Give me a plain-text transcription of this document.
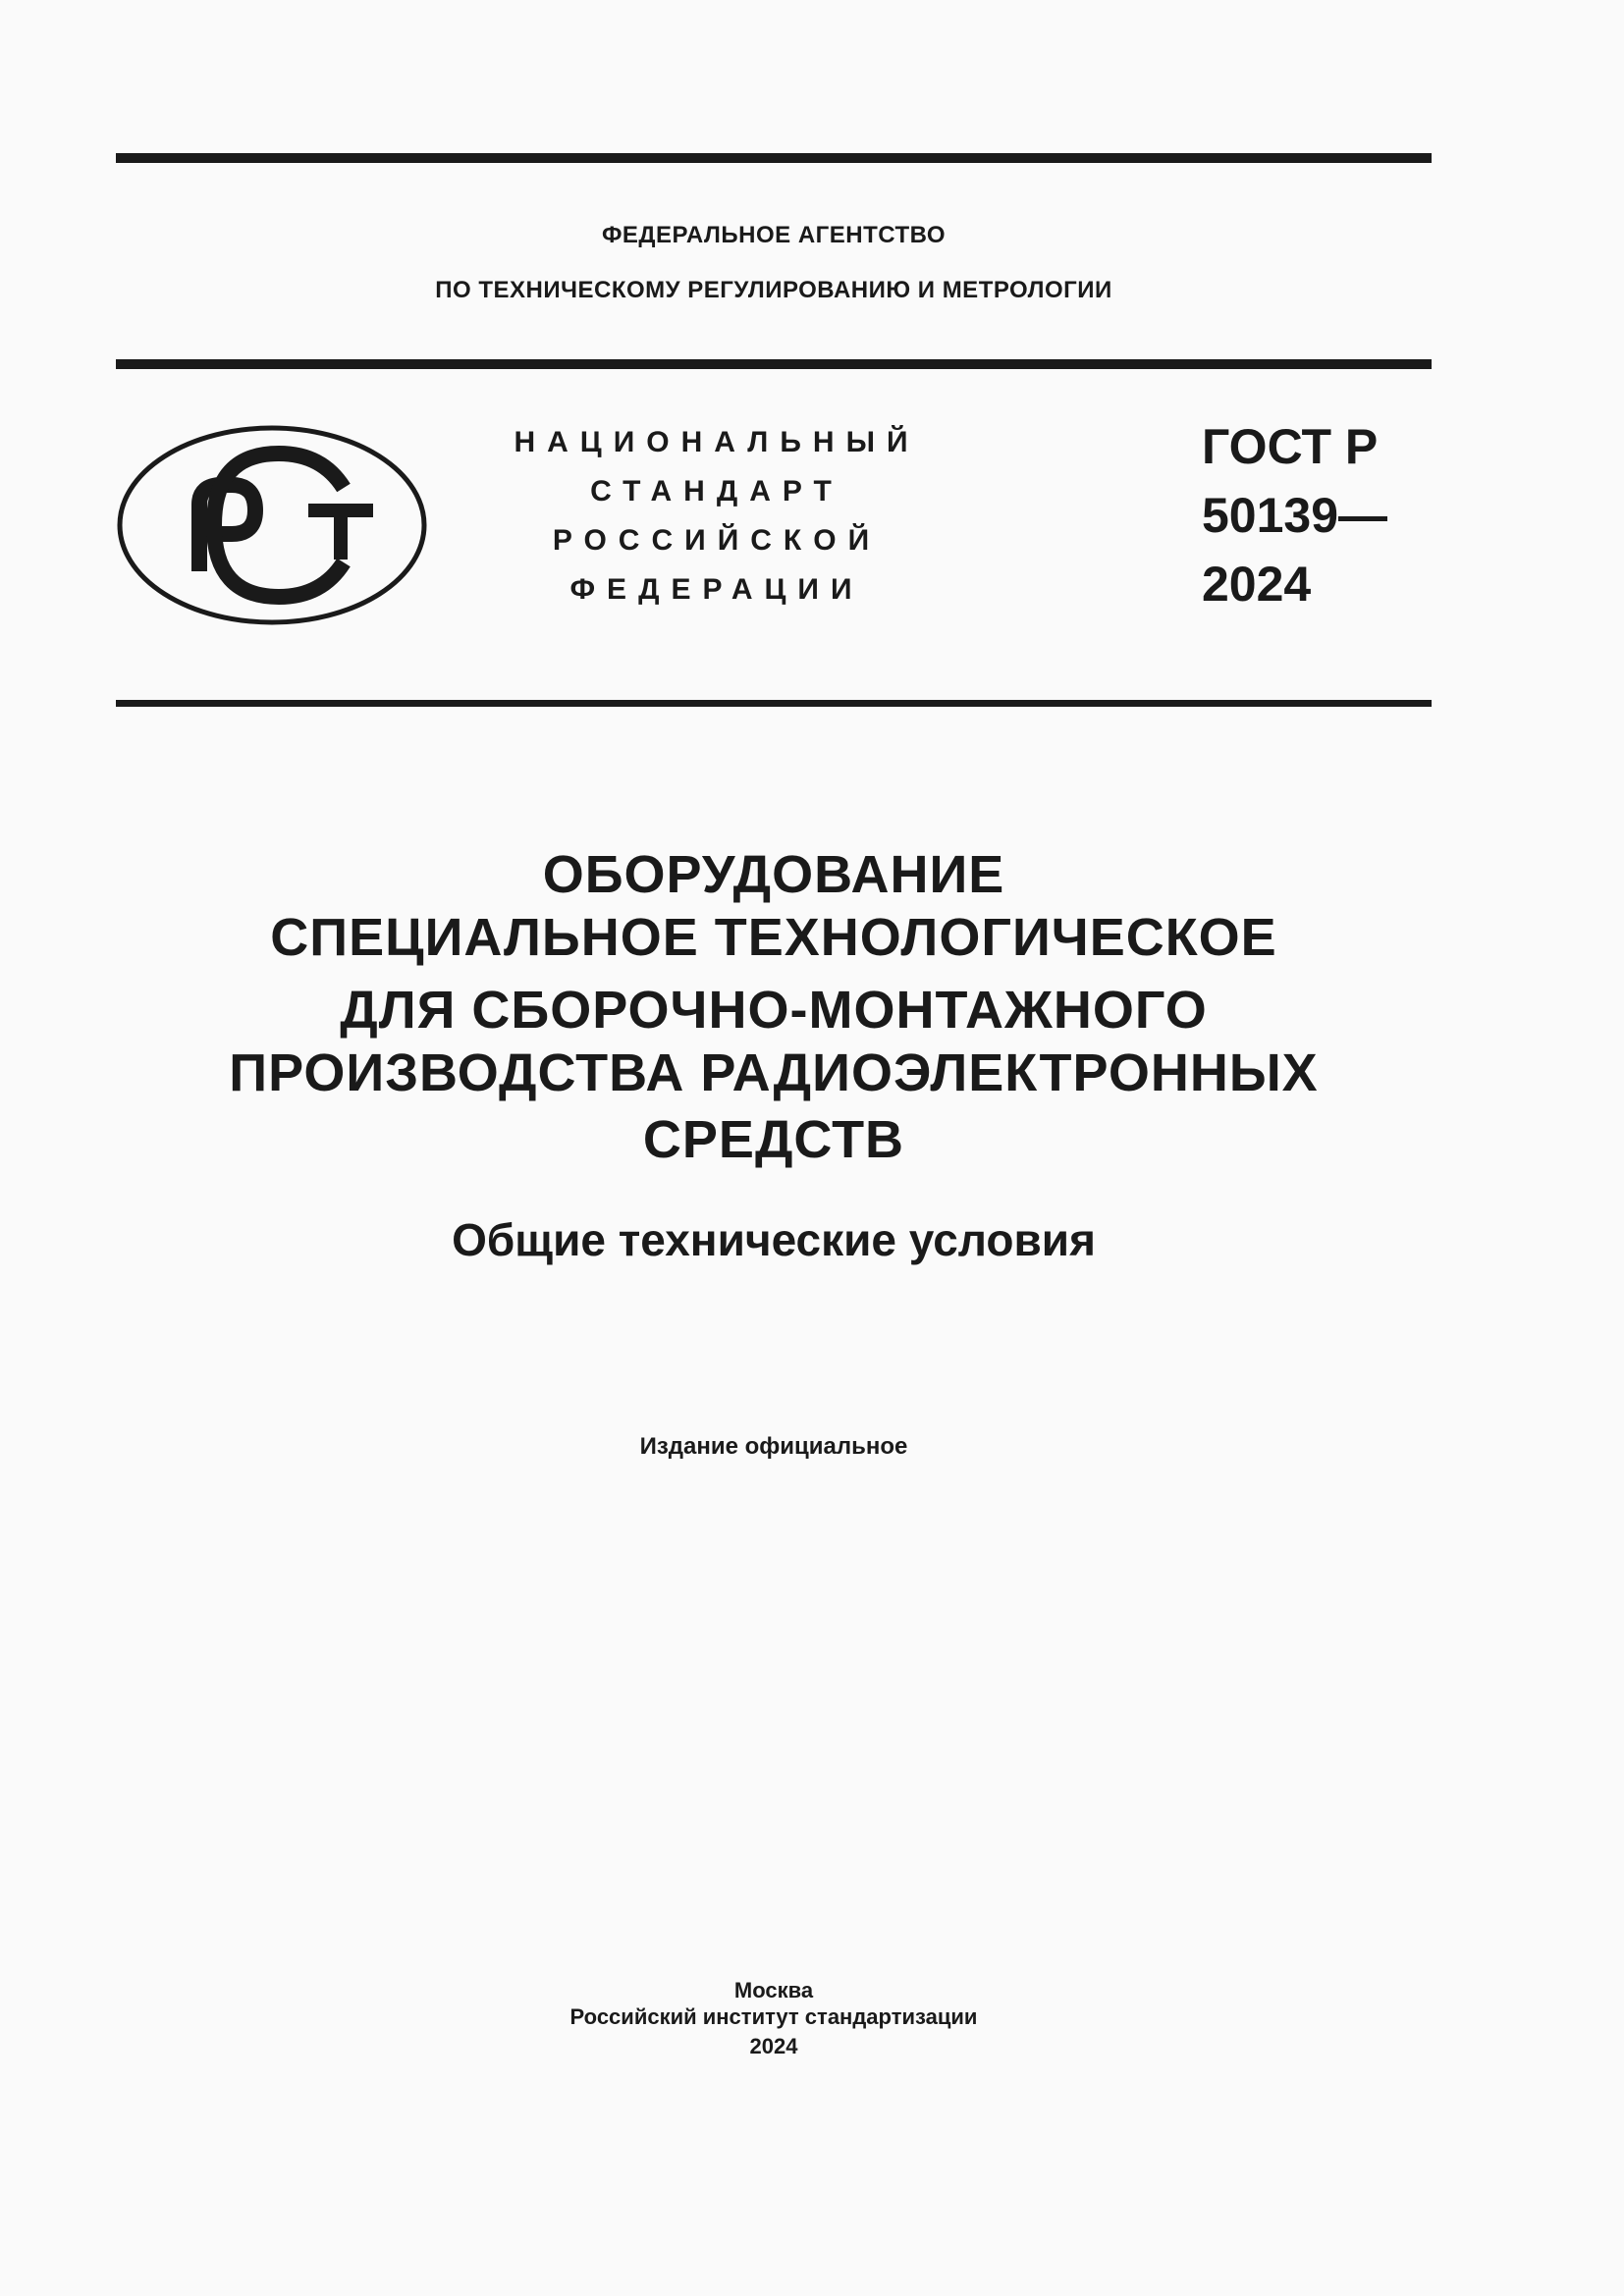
ФЕДЕРАЛЬНОЕ АГЕНТСТВО
ПО ТЕХНИЧЕСКОМУ РЕГУЛИРОВАНИЮ И МЕТРОЛОГИИ
НАЦИОНАЛЬНЫЙ
СТАНДАРТ
РОССИЙСКОЙ
ФЕДЕРАЦИИ
ГОСТ Р
50139—
2024
ОБОРУДОВАНИЕ
СПЕЦИАЛЬНОЕ ТЕХНОЛОГИЧЕСКОЕ
ДЛЯ СБОРОЧНО-МОНТАЖНОГО
ПРОИЗВОДСТВА РАДИОЭЛЕКТРОННЫХ
СРЕДСТВ
Общие технические условия
Издание официальное
Москва
Российский институт стандартизации
2024
